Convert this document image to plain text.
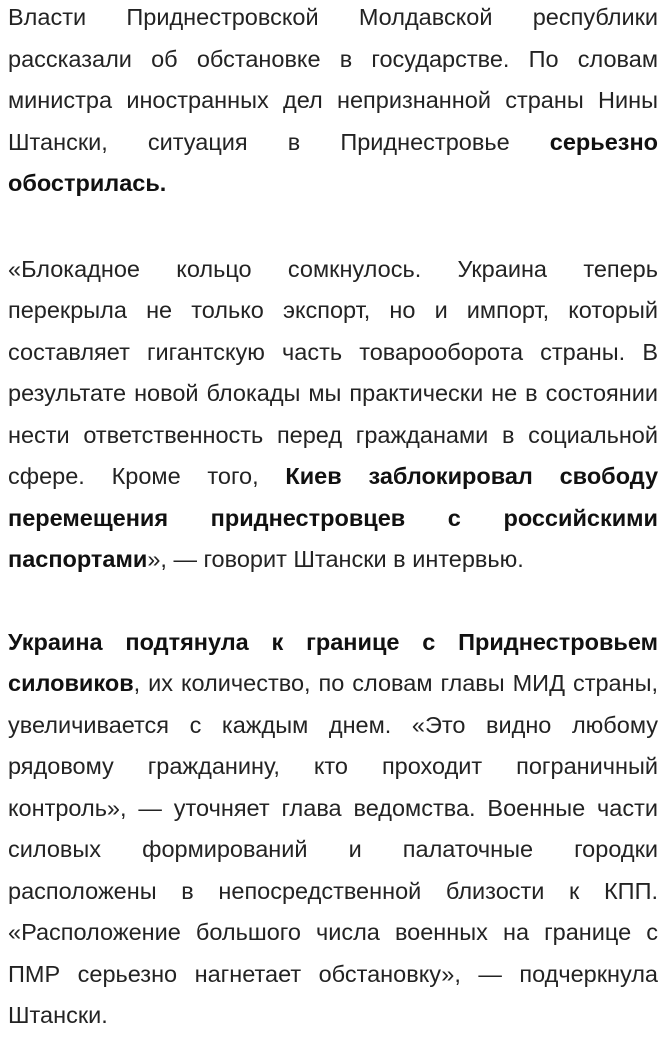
Власти Приднестровской Молдавской республики рассказали об обстановке в государстве. По словам министра иностранных дел непризнанной страны Нины Штански, ситуация в Приднестровье серьезно обострилась.

«Блокадное кольцо сомкнулось. Украина теперь перекрыла не только экспорт, но и импорт, который составляет гигантскую часть товарооборота страны. В результате новой блокады мы практически не в состоянии нести ответственность перед гражданами в социальной сфере. Кроме того, Киев заблокировал свободу перемещения приднестровцев с российскими паспортами», — говорит Штански в интервью.

Украина подтянула к границе с Приднестровьем силовиков, их количество, по словам главы МИД страны, увеличивается с каждым днем. «Это видно любому рядовому гражданину, кто проходит пограничный контроль», — уточняет глава ведомства. Военные части силовых формирований и палаточные городки расположены в непосредственной близости к КПП. «Расположение большого числа военных на границе с ПМР серьезно нагнетает обстановку», — подчеркнула Штански.
